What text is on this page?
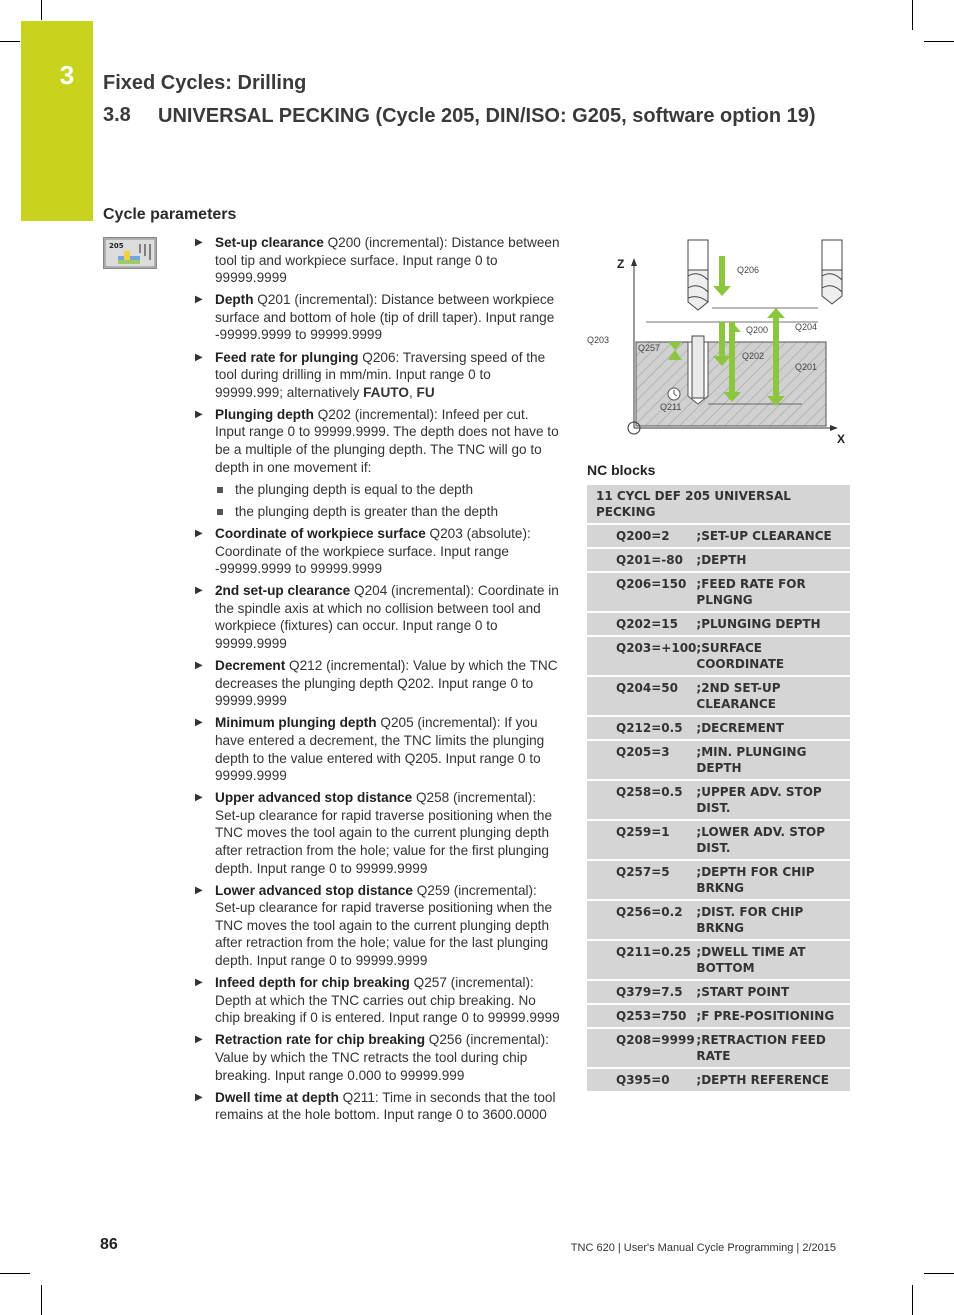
3	Fixed Cycles: Drilling
3.8 UNIVERSAL PECKING (Cycle 205, DIN/ISO: G205, software option 19)
Cycle parameters
205	▶ Set-up clearance Q200 (incremental): Distance between tool tip and workpiece surface. Input range 0 to 99999.9999
▶ Depth Q201 (incremental): Distance between workpiece surface and bottom of hole (tip of drill taper). Input range -99999.9999 to 99999.9999
▶ Feed rate for plunging Q206: Traversing speed of the tool during drilling in mm/min. Input range 0 to 99999.999; alternatively FAUTO, FU
▶ Plunging depth Q202 (incremental): Infeed per cut. Input range 0 to 99999.9999. The depth does not have to be a multiple of the plunging depth. The TNC will go to depth in one movement if:
the plunging depth is equal to the depth
the plunging depth is greater than the depth
▶ Coordinate of workpiece surface Q203 (absolute): Coordinate of the workpiece surface. Input range -99999.9999 to 99999.9999
▶ 2nd set-up clearance Q204 (incremental): Coordinate in the spindle axis at which no collision between tool and workpiece (fixtures) can occur. Input range 0 to 99999.9999
▶ Decrement Q212 (incremental): Value by which the TNC decreases the plunging depth Q202. Input range 0 to 99999.9999
▶ Minimum plunging depth Q205 (incremental): If you have entered a decrement, the TNC limits the plunging depth to the value entered with Q205. Input range 0 to 99999.9999
▶ Upper advanced stop distance Q258 (incremental): Set-up clearance for rapid traverse positioning when the TNC moves the tool again to the current plunging depth after retraction from the hole; value for the first plunging depth. Input range 0 to 99999.9999
▶ Lower advanced stop distance Q259 (incremental): Set-up clearance for rapid traverse positioning when the TNC moves the tool again to the current plunging depth after retraction from the hole; value for the last plunging depth. Input range 0 to 99999.9999
▶ Infeed depth for chip breaking Q257 (incremental): Depth at which the TNC carries out chip breaking. No chip breaking if 0 is entered. Input range 0 to 99999.9999
▶ Retraction rate for chip breaking Q256 (incremental): Value by which the TNC retracts the tool during chip breaking. Input range 0.000 to 99999.999
▶ Dwell time at depth Q211: Time in seconds that the tool remains at the hole bottom. Input range 0 to 3600.0000
Z
X
Q206
Q200	Q204
Q203
Q257
Q202
Q201
Q211
NC blocks
11 CYCL DEF 205 UNIVERSAL PECKING	
Q200=2	;SET-UP CLEARANCE
Q201=-80	;DEPTH
Q206=150	;FEED RATE FOR PLNGNG
Q202=15	;PLUNGING DEPTH
Q203=+100	;SURFACE COORDINATE
Q204=50	;2ND SET-UP CLEARANCE
Q212=0.5	;DECREMENT
Q205=3	;MIN. PLUNGING DEPTH
Q258=0.5	;UPPER ADV. STOP DIST.
Q259=1	;LOWER ADV. STOP DIST.
Q257=5	;DEPTH FOR CHIP BRKNG
Q256=0.2	;DIST. FOR CHIP BRKNG
Q211=0.25	;DWELL TIME AT BOTTOM
Q379=7.5	;START POINT
Q253=750	;F PRE-POSITIONING
Q208=9999	;RETRACTION FEED RATE
Q395=0	;DEPTH REFERENCE
86	TNC 620 | User's Manual Cycle Programming | 2/2015
